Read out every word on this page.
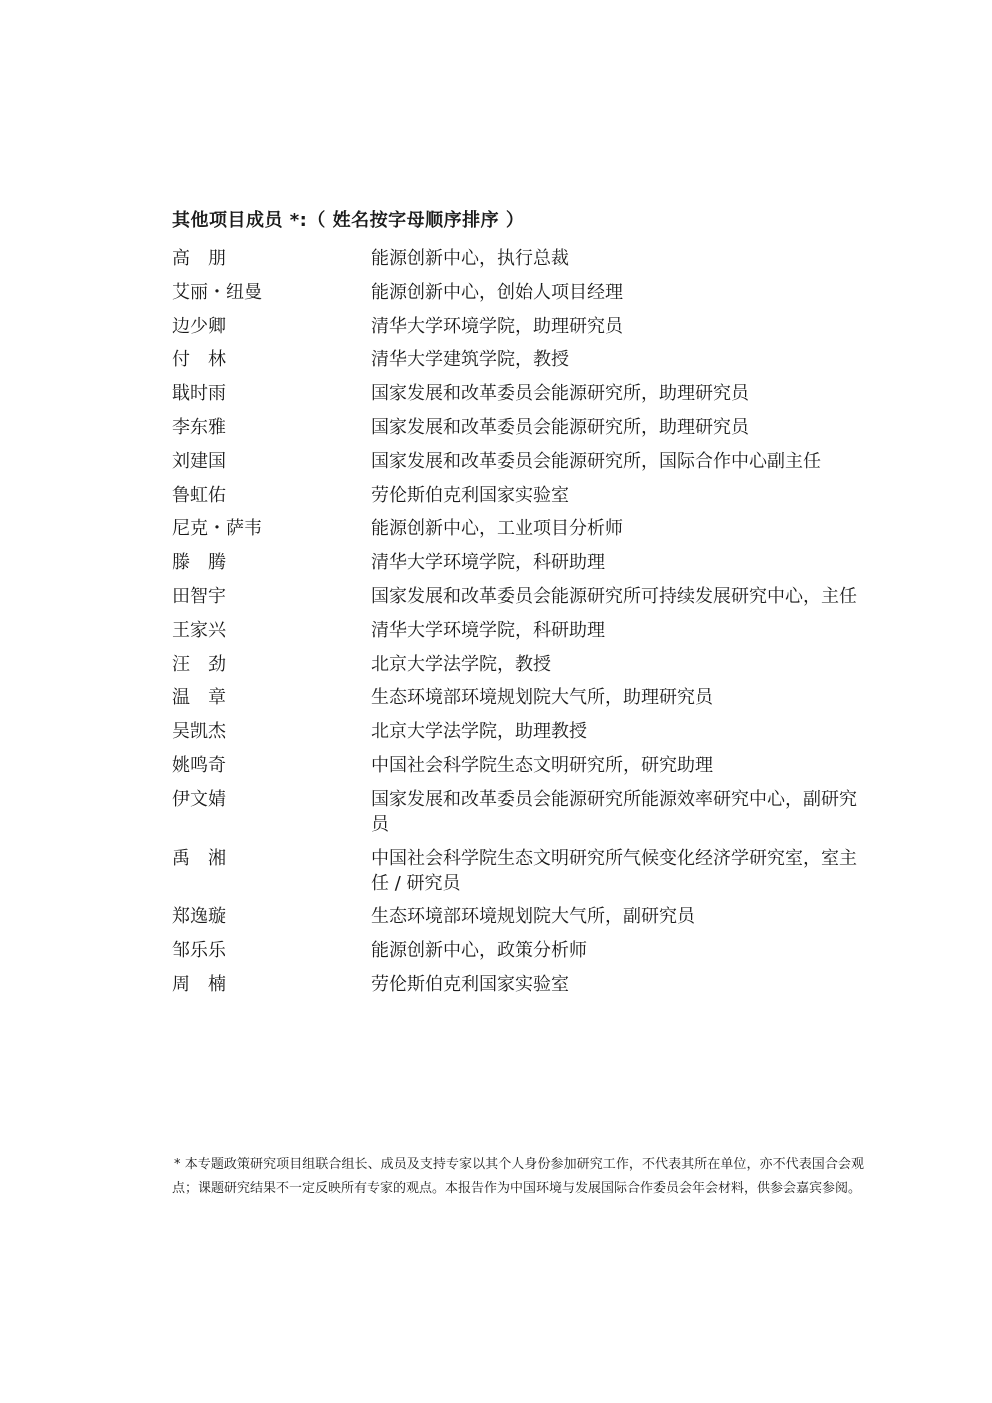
其他项目成员 *:（ 姓名按字母顺序排序 ）
高　朋	能源创新中心，执行总裁
艾丽・纽曼	能源创新中心，创始人项目经理
边少卿	清华大学环境学院，助理研究员
付　林	清华大学建筑学院，教授
戢时雨	国家发展和改革委员会能源研究所，助理研究员
李东雅	国家发展和改革委员会能源研究所，助理研究员
刘建国	国家发展和改革委员会能源研究所，国际合作中心副主任
鲁虹佑	劳伦斯伯克利国家实验室
尼克・萨韦	能源创新中心，工业项目分析师
滕　腾	清华大学环境学院，科研助理
田智宇	国家发展和改革委员会能源研究所可持续发展研究中心，主任
王家兴	清华大学环境学院，科研助理
汪　劲	北京大学法学院，教授
温　章	生态环境部环境规划院大气所，助理研究员
吴凯杰	北京大学法学院，助理教授
姚鸣奇	中国社会科学院生态文明研究所，研究助理
伊文婧	国家发展和改革委员会能源研究所能源效率研究中心，副研究员
禹　湘	中国社会科学院生态文明研究所气候变化经济学研究室，室主任 / 研究员
郑逸璇	生态环境部环境规划院大气所，副研究员
邹乐乐	能源创新中心，政策分析师
周　楠	劳伦斯伯克利国家实验室
* 本专题政策研究项目组联合组长、成员及支持专家以其个人身份参加研究工作，不代表其所在单位，亦不代表国合会观点；课题研究结果不一定反映所有专家的观点。本报告作为中国环境与发展国际合作委员会年会材料，供参会嘉宾参阅。
